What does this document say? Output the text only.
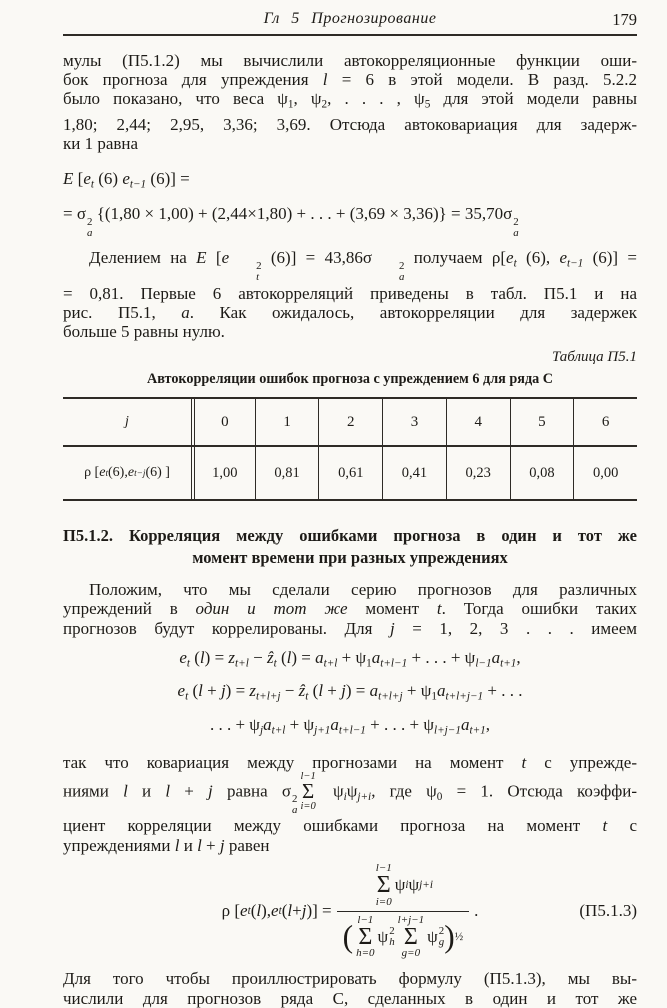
Гл 5 Прогнозирование	179
мулы (П5.1.2) мы вычислили автокорреляционные функции оши-
бок прогноза для упреждения l = 6 в этой модели. В разд. 5.2.2
было показано, что веса $\psi_1$, $\psi_2$, . . . , $\psi_5$ для этой модели равны
1,80; 2,44; 2,95, 3,36; 3,69. Отсюда автоковариация для задерж-
ки 1 равна
E [$e_t$ (6) $e_{t-1}$ (6)] =
= σ 2
a
{(1,80 × 1,00) + (2,44×1,80) + . . . + (3,69 × 3,36)} = 35,70σ 2
a
Делением на E [e	2
t
(6)] = 43,86σ	2
a
получаем $\rho[e_t$ (6), $e_{t-1}$ (6)] =
= 0,81. Первые 6 автокорреляций приведены в табл. П5.1 и на
рис. П5.1, а. Как ожидалось, автокорреляции для задержек
больше 5 равны нулю.
Таблица П5.1
Автокорреляции ошибок прогноза с упреждением 6 для ряда С
j	0	1	2	3	4	5	6
ρ [ e t (6), e t−j (6) ]	1,00	0,81	0,61	0,41	0,23	0,08	0,00
П5.1.2. Корреляция между ошибками прогноза в один и тот же
момент времени при разных упреждениях
Положим, что мы сделали серию прогнозов для различных
упреждений в один и тот же момент t. Тогда ошибки таких
прогнозов будут коррелированы. Для j = 1, 2, 3 . . . имеем
$e_t$ $(l) = z_{t+l}$ − ẑ$_t$ $(l) = a_{t+l} + \psi_1a_{t+l-1}$ + . . . + $\psi_{l-1}a_{t+1}$,
$e_t$ $(l + j) = z_{t+l+j}$ − ẑ$_t$ $(l + j) = a_{t+l+j} + \psi_1a_{t+l+j-1}$ + . . .
. . . + $\psi_ja_{t+l} + \psi_{j+1}a_{t+l-1}$ + . . . + $\psi_{l+j-1}a_{t+1}$,
так что ковариация между прогнозами на момент t с упрежде-
ниями l и l + j равна σ 2
a
l−1
Σ
i=0
$\psi_i\psi_{j+i}$, где $\psi_0 = 1$. Отсюда коэффи-
циент корреляции между ошибками прогноза на момент t с
упреждениями l и l + j равен
ρ [ e t ( l ), e t ( l + j )] = l−1
Σ
i=0
ψ i ψ j+i
( l−1
Σ
h=0
ψ 2
h
l+j−1
Σ
g=0
ψ 2
g ) ½ .	(П5.1.3)
Для того чтобы проиллюстрировать формулу (П5.1.3), мы вы-
числили для прогнозов ряда С, сделанных в один и тот же
